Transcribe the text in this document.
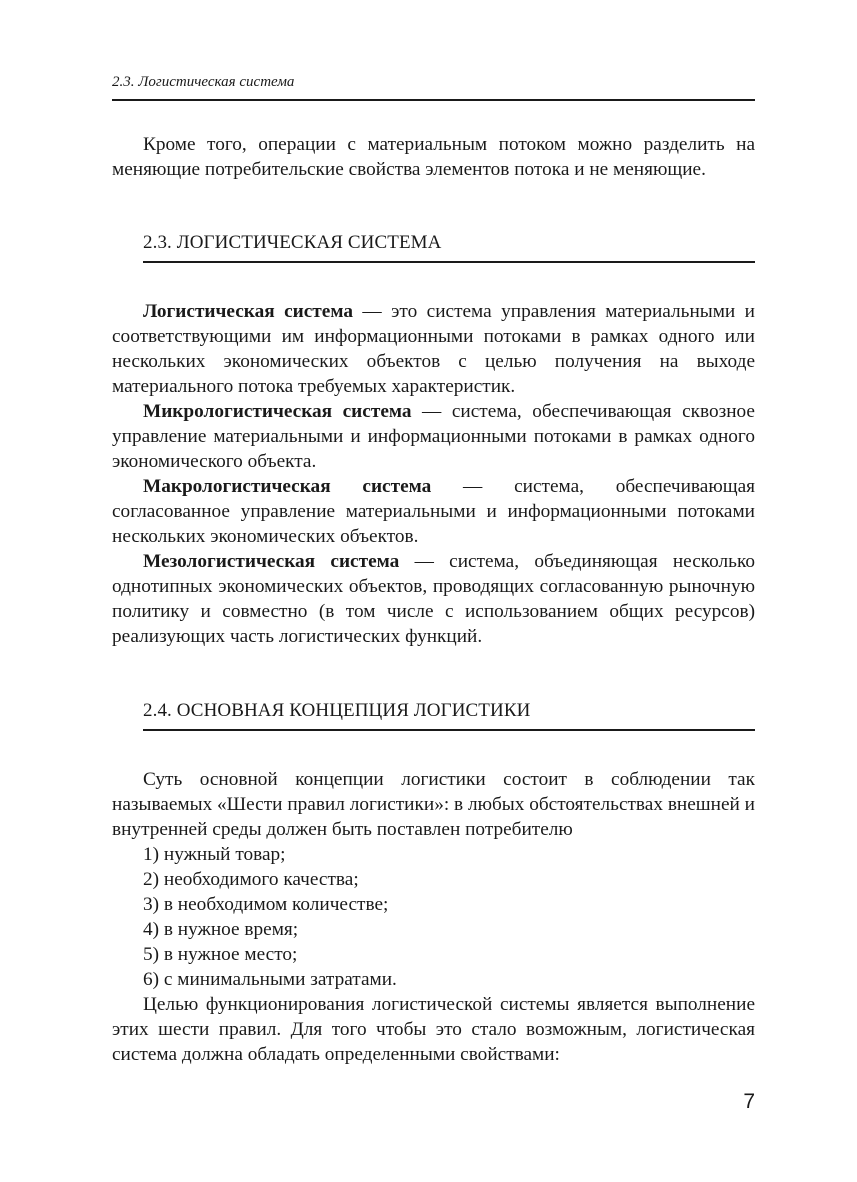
2.3. Логистическая система

Кроме того, операции с материальным потоком можно разделить на меняющие потребительские свойства элементов потока и не меняющие.

2.3. ЛОГИСТИЧЕСКАЯ СИСТЕМА

Логистическая система — это система управления материальными и соответствующими им информационными потоками в рамках одного или нескольких экономических объектов с целью получения на выходе материального потока требуемых характеристик.

Микрологистическая система — система, обеспечивающая сквозное управление материальными и информационными потоками в рамках одного экономического объекта.

Макрологистическая система — система, обеспечивающая согласованное управление материальными и информационными потоками нескольких экономических объектов.

Мезологистическая система — система, объединяющая несколько однотипных экономических объектов, проводящих согласованную рыночную политику и совместно (в том числе с использованием общих ресурсов) реализующих часть логистических функций.

2.4. ОСНОВНАЯ КОНЦЕПЦИЯ ЛОГИСТИКИ

Суть основной концепции логистики состоит в соблюдении так называемых «Шести правил логистики»: в любых обстоятельствах внешней и внутренней среды должен быть поставлен потребителю

1) нужный товар;
2) необходимого качества;
3) в необходимом количестве;
4) в нужное время;
5) в нужное место;
6) с минимальными затратами.

Целью функционирования логистической системы является выполнение этих шести правил. Для того чтобы это стало возможным, логистическая система должна обладать определенными свойствами:

7
